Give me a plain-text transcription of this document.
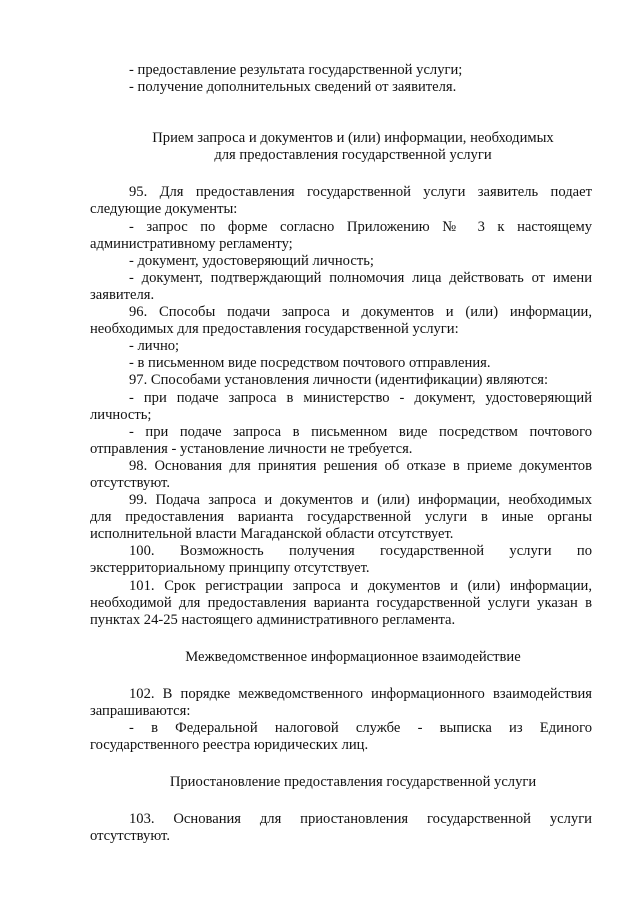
- предоставление результата государственной услуги;

- получение дополнительных сведений от заявителя.

Прием запроса и документов и (или) информации, необходимых

для предоставления государственной услуги

95. Для предоставления государственной услуги заявитель подает

следующие документы:

- запрос по форме согласно Приложению № 3 к настоящему

административному регламенту;

- документ, удостоверяющий личность;

- документ, подтверждающий полномочия лица действовать от имени

заявителя.

96. Способы подачи запроса и документов и (или) информации,

необходимых для предоставления государственной услуги:

- лично;

- в письменном виде посредством почтового отправления.

97. Способами установления личности (идентификации) являются:

- при подаче запроса в министерство - документ, удостоверяющий

личность;

- при подаче запроса в письменном виде посредством почтового

отправления - установление личности не требуется.

98. Основания для принятия решения об отказе в приеме документов

отсутствуют.

99. Подача запроса и документов и (или) информации, необходимых

для предоставления варианта государственной услуги в иные органы

исполнительной власти Магаданской области отсутствует.

100. Возможность получения государственной услуги по

экстерриториальному принципу отсутствует.

101. Срок регистрации запроса и документов и (или) информации,

необходимой для предоставления варианта государственной услуги указан в

пунктах 24-25 настоящего административного регламента.

Межведомственное информационное взаимодействие

102. В порядке межведомственного информационного взаимодействия

запрашиваются:

- в Федеральной налоговой службе - выписка из Единого

государственного реестра юридических лиц.

Приостановление предоставления государственной услуги

103. Основания для приостановления государственной услуги

отсутствуют.
